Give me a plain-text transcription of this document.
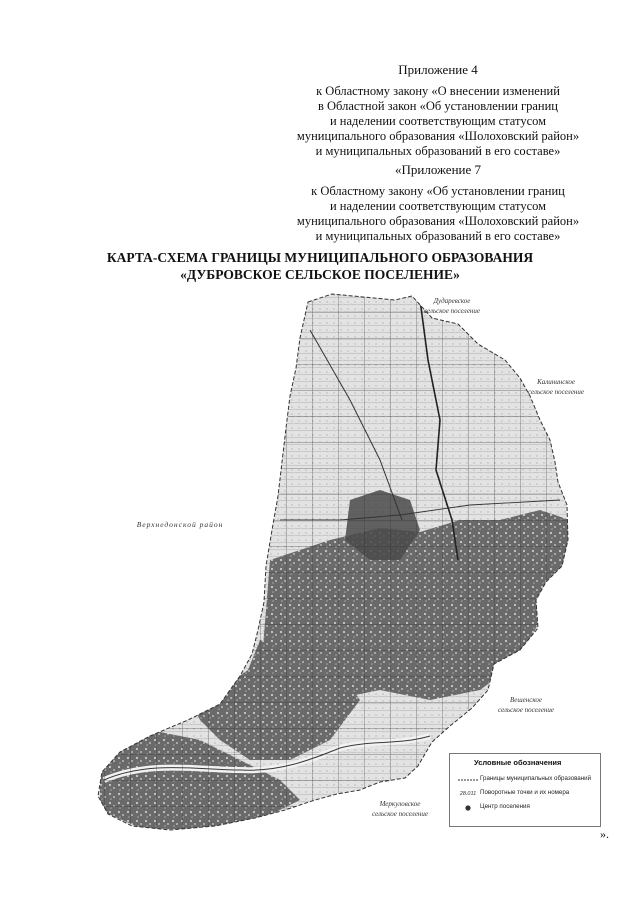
Приложение 4
к Областному закону «О внесении изменений
в Областной закон «Об установлении границ
и наделении соответствующим статусом
муниципального образования «Шолоховский район»
и муниципальных образований в его составе»
«Приложение 7
к Областному закону «Об установлении границ
и наделении соответствующим статусом
муниципального образования «Шолоховский район»
и муниципальных образований в его составе»
КАРТА-СХЕМА ГРАНИЦЫ МУНИЦИПАЛЬНОГО ОБРАЗОВАНИЯ
«ДУБРОВСКОЕ СЕЛЬСКОЕ ПОСЕЛЕНИЕ»
Дударевское
сельское поселение
Калининское
сельское поселение
Верхнедонской район
Вешенское
сельское поселение
Меркуловское
сельское поселение
Условные обозначения
Границы муниципальных образований
28.011 Поворотные точки и их номера
Центр поселения
».
